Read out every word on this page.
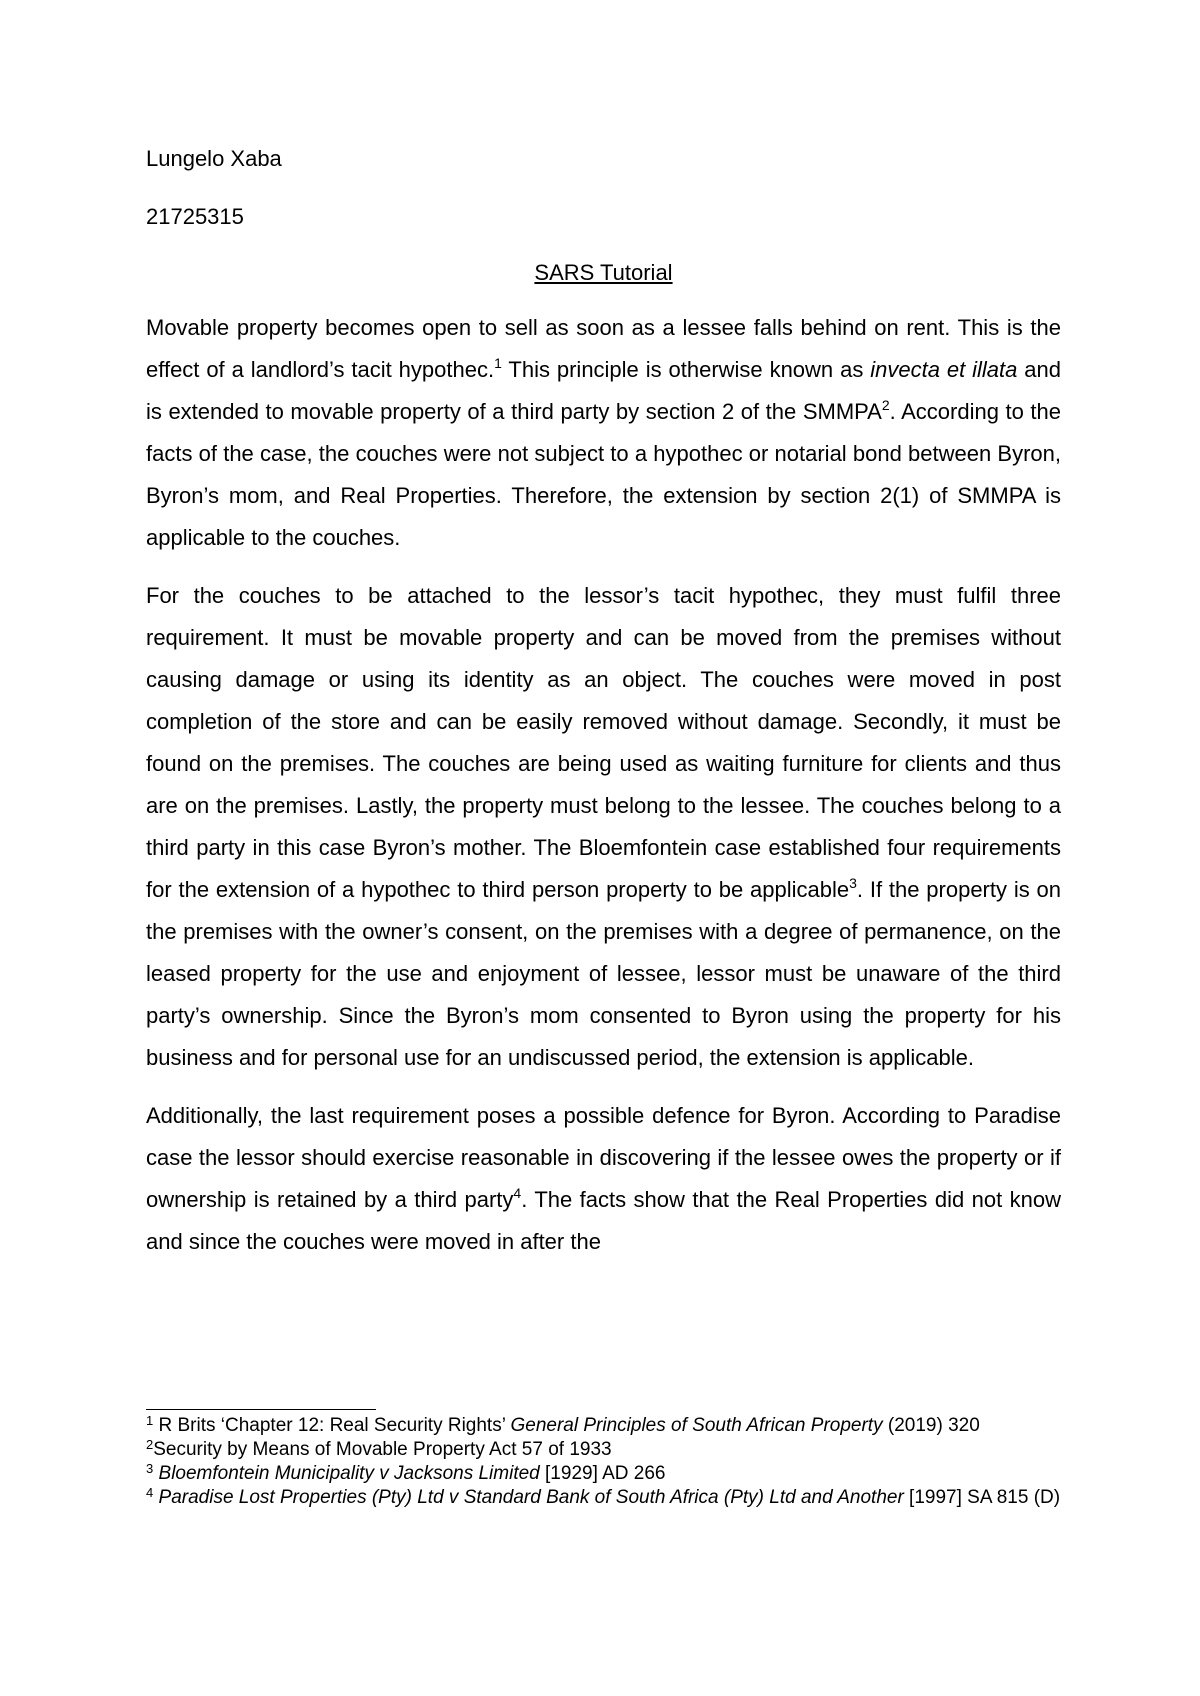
Lungelo Xaba

21725315

SARS Tutorial

Movable property becomes open to sell as soon as a lessee falls behind on rent. This is the effect of a landlord’s tacit hypothec.$^1$ This principle is otherwise known as invecta et illata and is extended to movable property of a third party by section 2 of the SMMPA$^2$. According to the facts of the case, the couches were not subject to a hypothec or notarial bond between Byron, Byron’s mom, and Real Properties. Therefore, the extension by section 2(1) of SMMPA is applicable to the couches.

For the couches to be attached to the lessor’s tacit hypothec, they must fulfil three requirement. It must be movable property and can be moved from the premises without causing damage or using its identity as an object. The couches were moved in post completion of the store and can be easily removed without damage. Secondly, it must be found on the premises. The couches are being used as waiting furniture for clients and thus are on the premises. Lastly, the property must belong to the lessee. The couches belong to a third party in this case Byron’s mother. The Bloemfontein case established four requirements for the extension of a hypothec to third person property to be applicable$^3$. If the property is on the premises with the owner’s consent, on the premises with a degree of permanence, on the leased property for the use and enjoyment of lessee, lessor must be unaware of the third party’s ownership. Since the Byron’s mom consented to Byron using the property for his business and for personal use for an undiscussed period, the extension is applicable.

Additionally, the last requirement poses a possible defence for Byron. According to Paradise case the lessor should exercise reasonable in discovering if the lessee owes the property or if ownership is retained by a third party$^4$. The facts show that the Real Properties did not know and since the couches were moved in after the

$^1$ R Brits ‘Chapter 12: Real Security Rights’ General Principles of South African Property (2019) 320

$^2$Security by Means of Movable Property Act 57 of 1933

$^3$ Bloemfontein Municipality v Jacksons Limited [1929] AD 266

$^4$ Paradise Lost Properties (Pty) Ltd v Standard Bank of South Africa (Pty) Ltd and Another [1997] SA 815 (D)
